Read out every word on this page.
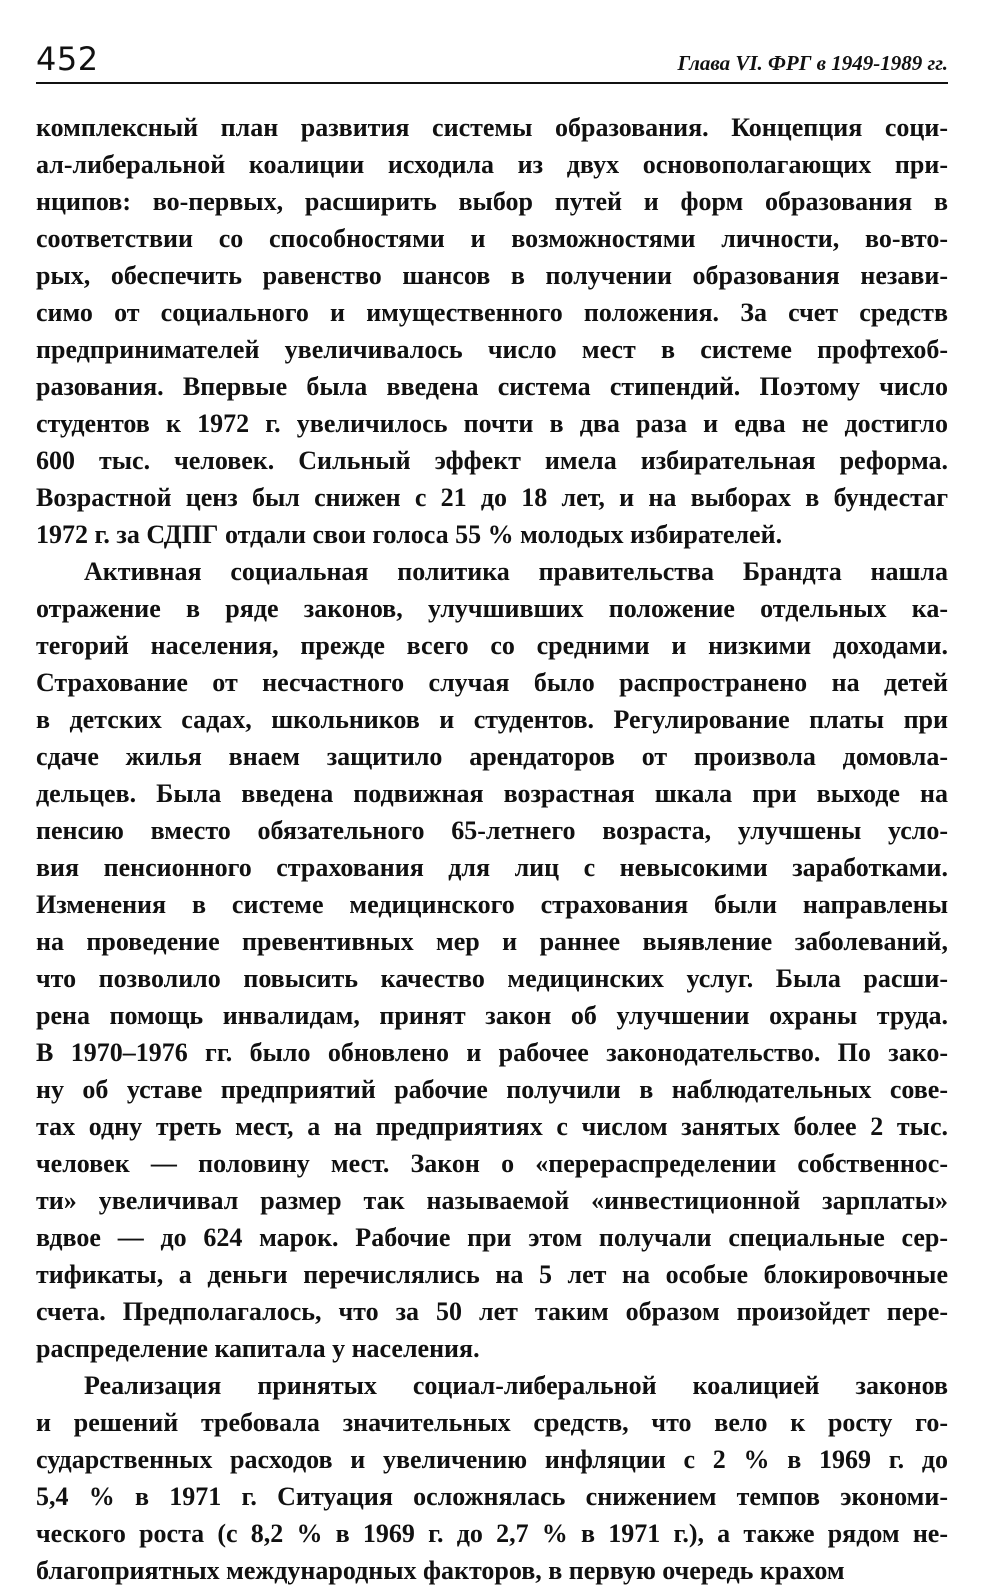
452	Глава VI. ФРГ в 1949-1989 гг.
комплексный план развития системы образования. Концепция соци-
ал-либеральной коалиции исходила из двух основополагающих при-
нципов: во-первых, расширить выбор путей и форм образования в
соответствии со способностями и возможностями личности, во-вто-
рых, обеспечить равенство шансов в получении образования незави-
симо от социального и имущественного положения. За счет средств
предпринимателей увеличивалось число мест в системе профтехоб-
разования. Впервые была введена система стипендий. Поэтому число
студентов к 1972 г. увеличилось почти в два раза и едва не достигло
600 тыс. человек. Сильный эффект имела избирательная реформа.
Возрастной ценз был снижен с 21 до 18 лет, и на выборах в бундестаг
1972 г. за СДПГ отдали свои голоса 55 % молодых избирателей.
Активная социальная политика правительства Брандта нашла
отражение в ряде законов, улучшивших положение отдельных ка-
тегорий населения, прежде всего со средними и низкими доходами.
Страхование от несчастного случая было распространено на детей
в детских садах, школьников и студентов. Регулирование платы при
сдаче жилья внаем защитило арендаторов от произвола домовла-
дельцев. Была введена подвижная возрастная шкала при выходе на
пенсию вместо обязательного 65-летнего возраста, улучшены усло-
вия пенсионного страхования для лиц с невысокими заработками.
Изменения в системе медицинского страхования были направлены
на проведение превентивных мер и раннее выявление заболеваний,
что позволило повысить качество медицинских услуг. Была расши-
рена помощь инвалидам, принят закон об улучшении охраны труда.
В 1970–1976 гг. было обновлено и рабочее законодательство. По зако-
ну об уставе предприятий рабочие получили в наблюдательных сове-
тах одну треть мест, а на предприятиях с числом занятых более 2 тыс.
человек — половину мест. Закон о «перераспределении собственнос-
ти» увеличивал размер так называемой «инвестиционной зарплаты»
вдвое — до 624 марок. Рабочие при этом получали специальные сер-
тификаты, а деньги перечислялись на 5 лет на особые блокировочные
счета. Предполагалось, что за 50 лет таким образом произойдет пере-
распределение капитала у населения.
Реализация принятых социал-либеральной коалицией законов
и решений требовала значительных средств, что вело к росту го-
сударственных расходов и увеличению инфляции с 2 % в 1969 г. до
5,4 % в 1971 г. Ситуация осложнялась снижением темпов экономи-
ческого роста (с 8,2 % в 1969 г. до 2,7 % в 1971 г.), а также рядом не-
благоприятных международных факторов, в первую очередь крахом
